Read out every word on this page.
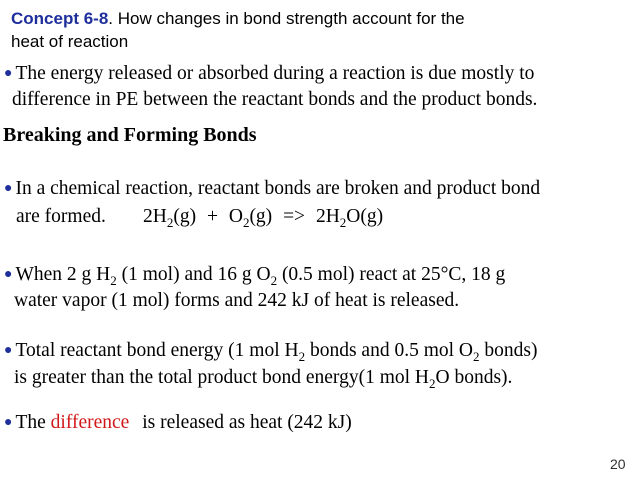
Concept 6-8. How changes in bond strength account for the
heat of reaction
● The energy released or absorbed during a reaction is due mostly to
difference in PE between the reactant bonds and the product bonds.
Breaking and Forming Bonds
● In a chemical reaction, reactant bonds are broken and product bond
are formed. $2H_2(g) + O_2(g) => 2H_2O(g)$
● When 2 g $H_2$ (1 mol) and 16 g $O_2$ (0.5 mol) react at 25°C, 18 g
water vapor (1 mol) forms and 242 kJ of heat is released.
● Total reactant bond energy (1 mol $H_2$ bonds and 0.5 mol $O_2$ bonds)
is greater than the total product bond energy(1 mol $H_2O$ bonds).
● The difference is released as heat (242 kJ)
20
